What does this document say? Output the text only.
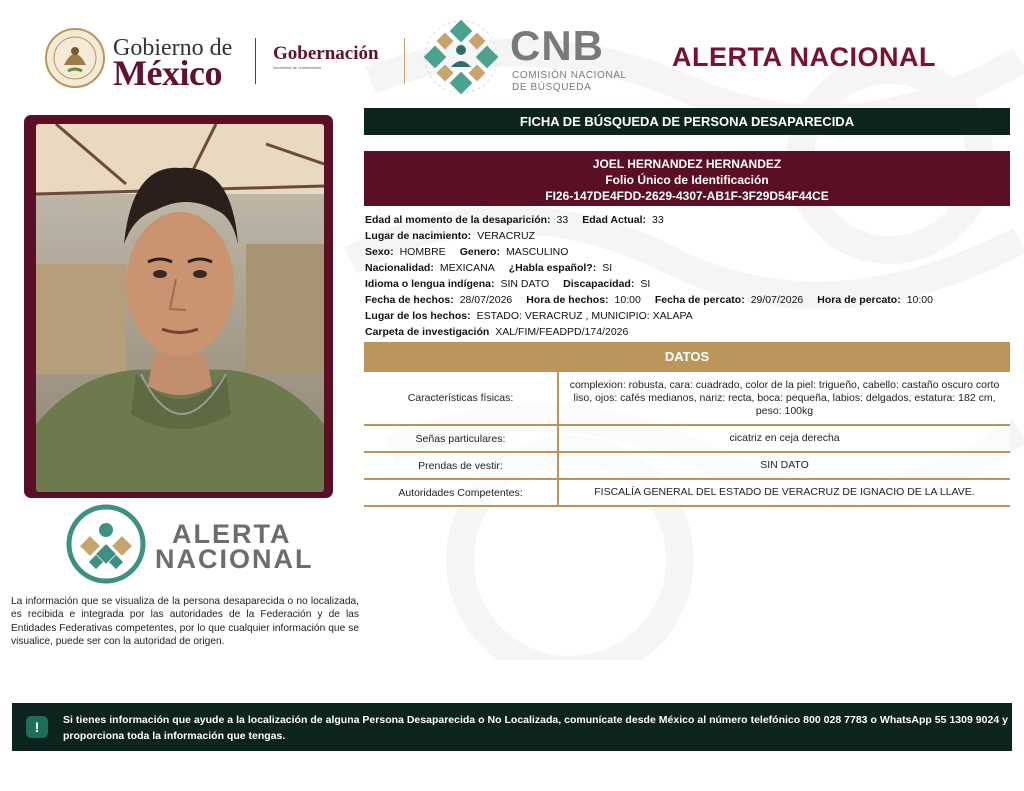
Gobierno de
México	Gobernación
Secretaría de Gobernación	CNB
COMISIÓN NACIONAL
DE BÚSQUEDA
ALERTA NACIONAL
ALERTA
NACIONAL
La información que se visualiza de la persona desaparecida o no localizada, es recibida e integrada por las autoridades de la Federación y de las Entidades Federativas competentes, por lo que cualquier información que se visualice, puede ser con la autoridad de origen.
FICHA DE BÚSQUEDA DE PERSONA DESAPARECIDA
JOEL HERNANDEZ HERNANDEZ
Folio Único de Identificación
FI26-147DE4FDD-2629-4307-AB1F-3F29D54F44CE
Edad al momento de la desaparición: 33 Edad Actual: 33
Lugar de nacimiento: VERACRUZ
Sexo: HOMBRE Genero: MASCULINO
Nacionalidad: MEXICANA ¿Habla español?: SI
Idioma o lengua indígena: SIN DATO Discapacidad: SI
Fecha de hechos: 28/07/2026 Hora de hechos: 10:00 Fecha de percato: 29/07/2026 Hora de percato: 10:00
Lugar de los hechos: ESTADO: VERACRUZ , MUNICIPIO: XALAPA
Carpeta de investigación XAL/FIM/FEADPD/174/2026
DATOS
Características físicas:	complexion: robusta, cara: cuadrado, color de la piel: trigueño, cabello: castaño oscuro corto liso, ojos: cafés medianos, nariz: recta, boca: pequeña, labios: delgados, estatura: 182 cm, peso: 100kg
Señas particulares:	cicatriz en ceja derecha
Prendas de vestir:	SIN DATO
Autoridades Competentes:	FISCALÍA GENERAL DEL ESTADO DE VERACRUZ DE IGNACIO DE LA LLAVE.
!	Si tienes información que ayude a la localización de alguna Persona Desaparecida o No Localizada, comunícate desde México al número telefónico 800 028 7783 o WhatsApp 55 1309 9024 y proporciona toda la información que tengas.
